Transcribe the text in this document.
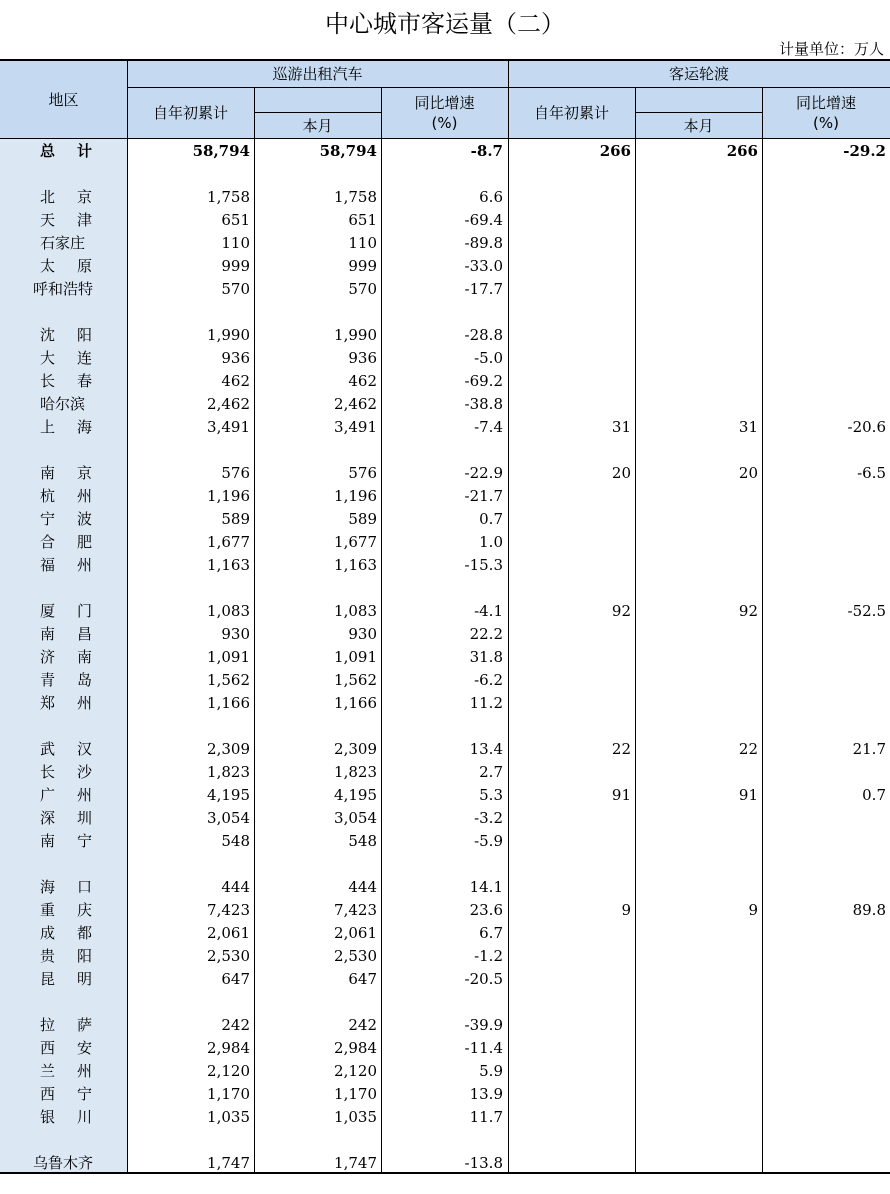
中心城市客运量（二）
计量单位：万人
地区
巡游出租汽车	客运轮渡
自年初累计
本月
同比增速
(%)
自年初累计
本月
同比增速
(%)
总 计	58,794	58,794	-8.7	266	266	-29.2
北 京	1,758	1,758	6.6
天 津	651	651	-69.4
石家庄	110	110	-89.8
太 原	999	999	-33.0
呼和浩特	570	570	-17.7
沈 阳	1,990	1,990	-28.8
大 连	936	936	-5.0
长 春	462	462	-69.2
哈尔滨	2,462	2,462	-38.8
上 海	3,491	3,491	-7.4	31	31	-20.6
南 京	576	576	-22.9	20	20	-6.5
杭 州	1,196	1,196	-21.7
宁 波	589	589	0.7
合 肥	1,677	1,677	1.0
福 州	1,163	1,163	-15.3
厦 门	1,083	1,083	-4.1	92	92	-52.5
南 昌	930	930	22.2
济 南	1,091	1,091	31.8
青 岛	1,562	1,562	-6.2
郑 州	1,166	1,166	11.2
武 汉	2,309	2,309	13.4	22	22	21.7
长 沙	1,823	1,823	2.7
广 州	4,195	4,195	5.3	91	91	0.7
深 圳	3,054	3,054	-3.2
南 宁	548	548	-5.9
海 口	444	444	14.1
重 庆	7,423	7,423	23.6	9	9	89.8
成 都	2,061	2,061	6.7
贵 阳	2,530	2,530	-1.2
昆 明	647	647	-20.5
拉 萨	242	242	-39.9
西 安	2,984	2,984	-11.4
兰 州	2,120	2,120	5.9
西 宁	1,170	1,170	13.9
银 川	1,035	1,035	11.7
乌鲁木齐	1,747	1,747	-13.8
